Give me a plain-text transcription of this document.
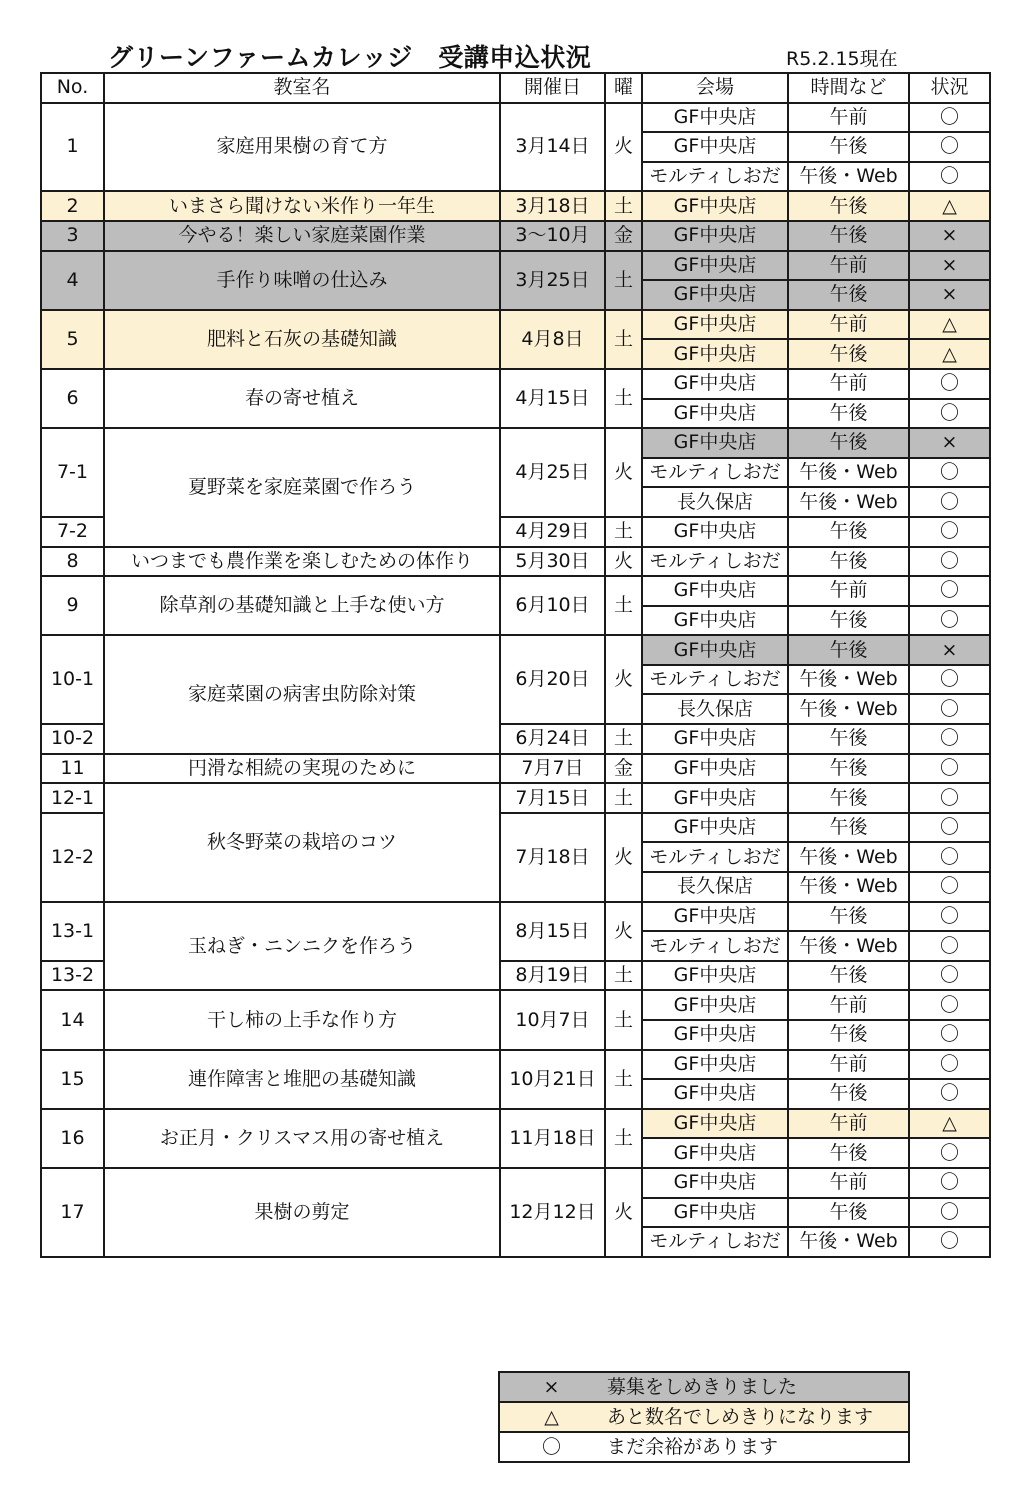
グリーンファームカレッジ　受講申込状況	R5.2.15現在
No.	教室名	開催日	曜	会場	時間など	状況
1	家庭用果樹の育て方	3月14日	火	GF中央店	午前	〇
				GF中央店	午後	〇
				モルティしおだ	午後・Web	〇
2	いまさら聞けない米作り一年生	3月18日	土	GF中央店	午後	△
3	今やる！楽しい家庭菜園作業	3～10月	金	GF中央店	午後	×
4	手作り味噌の仕込み	3月25日	土	GF中央店	午前	×
				GF中央店	午後	×
5	肥料と石灰の基礎知識	4月8日	土	GF中央店	午前	△
				GF中央店	午後	△
6	春の寄せ植え	4月15日	土	GF中央店	午前	〇
				GF中央店	午後	〇
7-1	夏野菜を家庭菜園で作ろう	4月25日	火	GF中央店	午後	×
				モルティしおだ	午後・Web	〇
				長久保店	午後・Web	〇
7-2		4月29日	土	GF中央店	午後	〇
8	いつまでも農作業を楽しむための体作り	5月30日	火	モルティしおだ	午後	〇
9	除草剤の基礎知識と上手な使い方	6月10日	土	GF中央店	午前	〇
				GF中央店	午後	〇
10-1	家庭菜園の病害虫防除対策	6月20日	火	GF中央店	午後	×
				モルティしおだ	午後・Web	〇
				長久保店	午後・Web	〇
10-2		6月24日	土	GF中央店	午後	〇
11	円滑な相続の実現のために	7月7日	金	GF中央店	午後	〇
12-1	秋冬野菜の栽培のコツ	7月15日	土	GF中央店	午後	〇
12-2		7月18日	火	GF中央店	午後	〇
				モルティしおだ	午後・Web	〇
				長久保店	午後・Web	〇
13-1	玉ねぎ・ニンニクを作ろう	8月15日	火	GF中央店	午後	〇
				モルティしおだ	午後・Web	〇
13-2		8月19日	土	GF中央店	午後	〇
14	干し柿の上手な作り方	10月7日	土	GF中央店	午前	〇
				GF中央店	午後	〇
15	連作障害と堆肥の基礎知識	10月21日	土	GF中央店	午前	〇
				GF中央店	午後	〇
16	お正月・クリスマス用の寄せ植え	11月18日	土	GF中央店	午前	△
				GF中央店	午後	〇
17	果樹の剪定	12月12日	火	GF中央店	午前	〇
				GF中央店	午後	〇
				モルティしおだ	午後・Web	〇
×	募集をしめきりました
△	あと数名でしめきりになります
〇	まだ余裕があります
